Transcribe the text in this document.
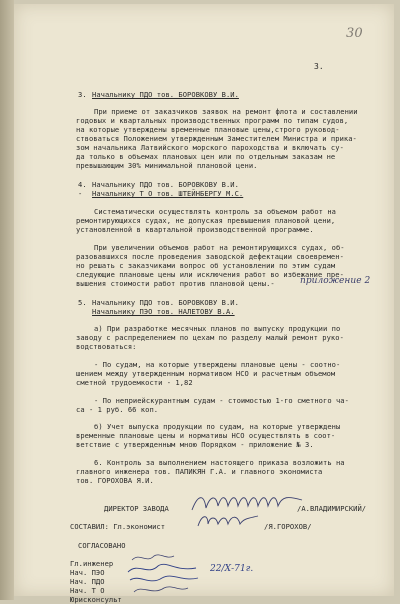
30
3.
3. Начальнику ПДО тов. БОРОВКОВУ В.И.
При приеме от заказчиков заявок на ремонт флота и составлении
годовых и квартальных производственных программ по типам судов,
на которые утверждены временные плановые цены,строго руковод-
ствоваться Положением утвержденным Заместителем Министра и прика-
зом начальника Латвийского морского пароходства и включать су-
да только в объемах плановых цен или по отдельным заказам не
превышающим 30% минимальной плановой цени.
4. Начальнику ПДО тов. БОРОВКОВУ В.И.
- Начальнику Т О тов. ШТЕЙНБЕРГУ М.С.
Систематически осуществлять контроль за объемом работ на
ремонтирующихся судах, не допуская превышения плановой цени,
установленной в квартальной производственной программе.
При увеличении объемов работ на ремонтирующихся судах, об-
разовавшихся после проведения заводской дефектации своевремен-
но решать с заказчиками вопрос об установлении по этим судам
следующие плановые цены или исключения работ во избежание пре-
вышения стоимости работ против плановой цены.-	приложение 2
5. Начальнику ПДО тов. БОРОВКОВУ В.И.
Начальнику ПЭО тов. НАЛЕТОВУ В.А.
а) При разработке месячных планов по выпуску продукции по
заводу с распределением по цехам по разделу малый ремонт руко-
водствоваться:
- По судам, на которые утверждены плановые цены - соотно-
шением между утвержденным нормативом НСО и расчетным объемом
сметной трудоемкости - 1,82
- По неприейскурантным судам - стоимостью 1-го сметного ча-
са - 1 руб. 66 коп.
б) Учет выпуска продукции по судам, на которые утверждены
временные плановые цены и нормативы НСО осуществлять в соот-
ветствие с утвержденным мною Порядком - приложение № 3.
6. Контроль за выполнением настоящего приказа возложить на
главного инженера тов. ПАПИКЯН Г.А. и главного экономиста
тов. ГОРОХОВА Я.И.
ДИРЕКТОР ЗАВОДА	/А.ВЛАДИМИРСКИЙ/
СОСТАВИЛ: Гл.экономист	/Я.ГОРОХОВ/
СОГЛАСОВАНО
Гл.инженер
Нач. ПЭО
Нач. ПДО
Нач. Т О
Юрисконсульт
22/Х-71г.
